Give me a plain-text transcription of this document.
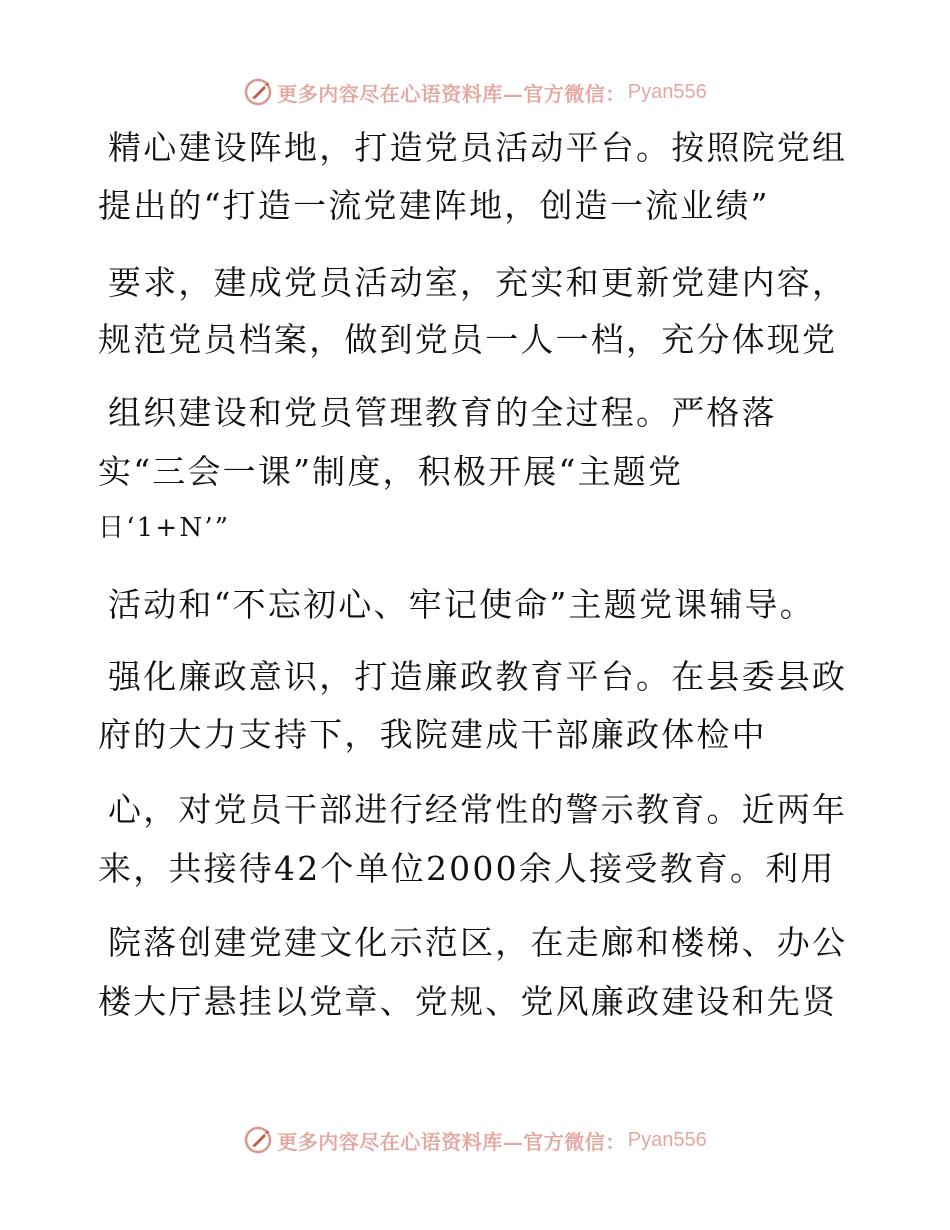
更多内容尽在心语资料库—官方微信： Pyan556
精心建设阵地，打造党员活动平台。按照院党组
提出的“打造一流党建阵地，创造一流业绩”
要求，建成党员活动室，充实和更新党建内容，
规范党员档案，做到党员一人一档，充分体现党
组织建设和党员管理教育的全过程。严格落
实“三会一课”制度，积极开展“主题党
日‘1+N’”
活动和“不忘初心、牢记使命”主题党课辅导。
强化廉政意识，打造廉政教育平台。在县委县政
府的大力支持下，我院建成干部廉政体检中
心，对党员干部进行经常性的警示教育。近两年
来，共接待42个单位2000余人接受教育。利用
院落创建党建文化示范区，在走廊和楼梯、办公
楼大厅悬挂以党章、党规、党风廉政建设和先贤
更多内容尽在心语资料库—官方微信： Pyan556
